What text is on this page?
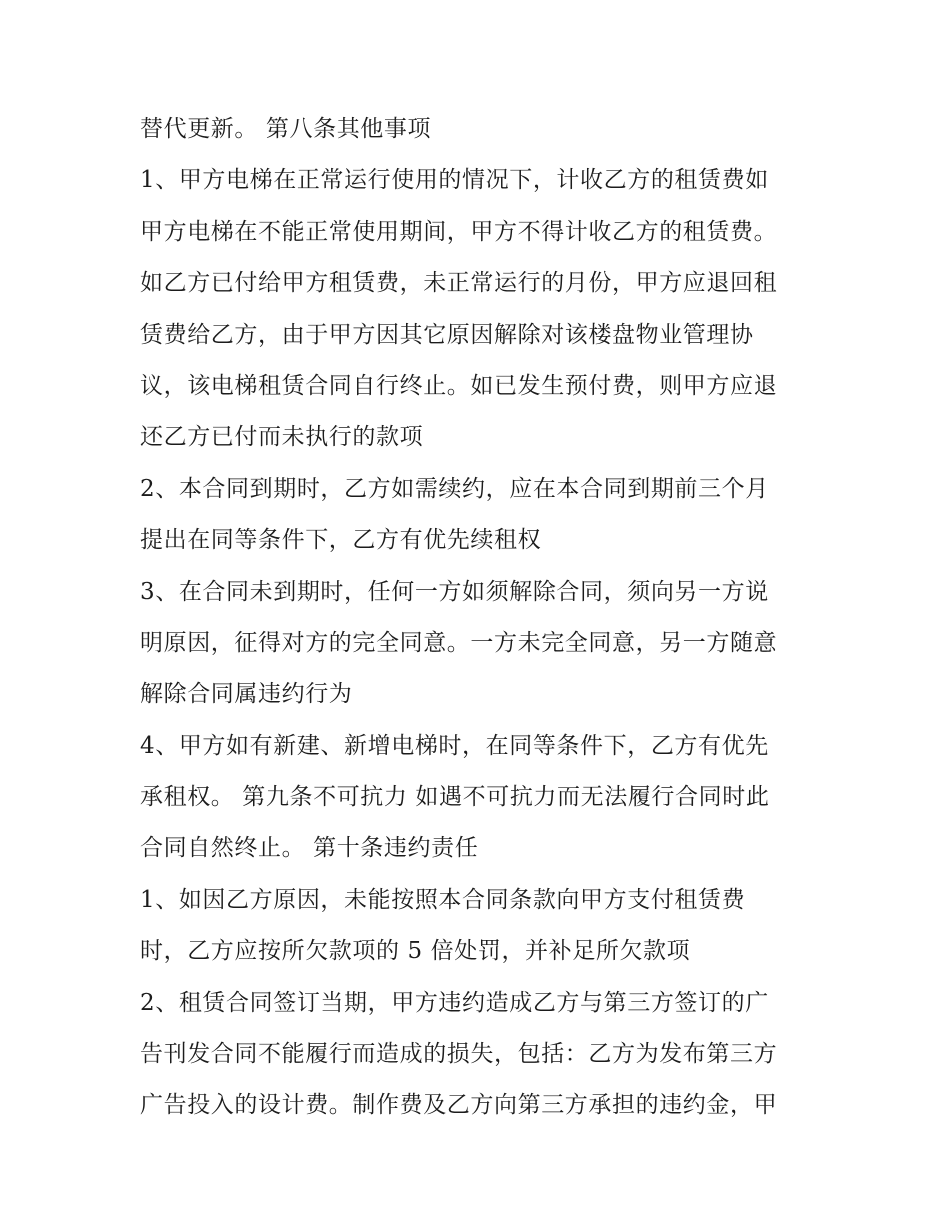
替代更新。 第八条其他事项
1、甲方电梯在正常运行使用的情况下，计收乙方的租赁费如
甲方电梯在不能正常使用期间，甲方不得计收乙方的租赁费。
如乙方已付给甲方租赁费，未正常运行的月份，甲方应退回租
赁费给乙方，由于甲方因其它原因解除对该楼盘物业管理协
议，该电梯租赁合同自行终止。如已发生预付费，则甲方应退
还乙方已付而未执行的款项
2、本合同到期时，乙方如需续约，应在本合同到期前三个月
提出在同等条件下，乙方有优先续租权
3、在合同未到期时，任何一方如须解除合同，须向另一方说
明原因，征得对方的完全同意。一方未完全同意，另一方随意
解除合同属违约行为
4、甲方如有新建、新增电梯时，在同等条件下，乙方有优先
承租权。 第九条不可抗力 如遇不可抗力而无法履行合同时此
合同自然终止。 第十条违约责任
1、如因乙方原因，未能按照本合同条款向甲方支付租赁费
时，乙方应按所欠款项的 5 倍处罚，并补足所欠款项
2、租赁合同签订当期，甲方违约造成乙方与第三方签订的广
告刊发合同不能履行而造成的损失，包括：乙方为发布第三方
广告投入的设计费。制作费及乙方向第三方承担的违约金，甲
